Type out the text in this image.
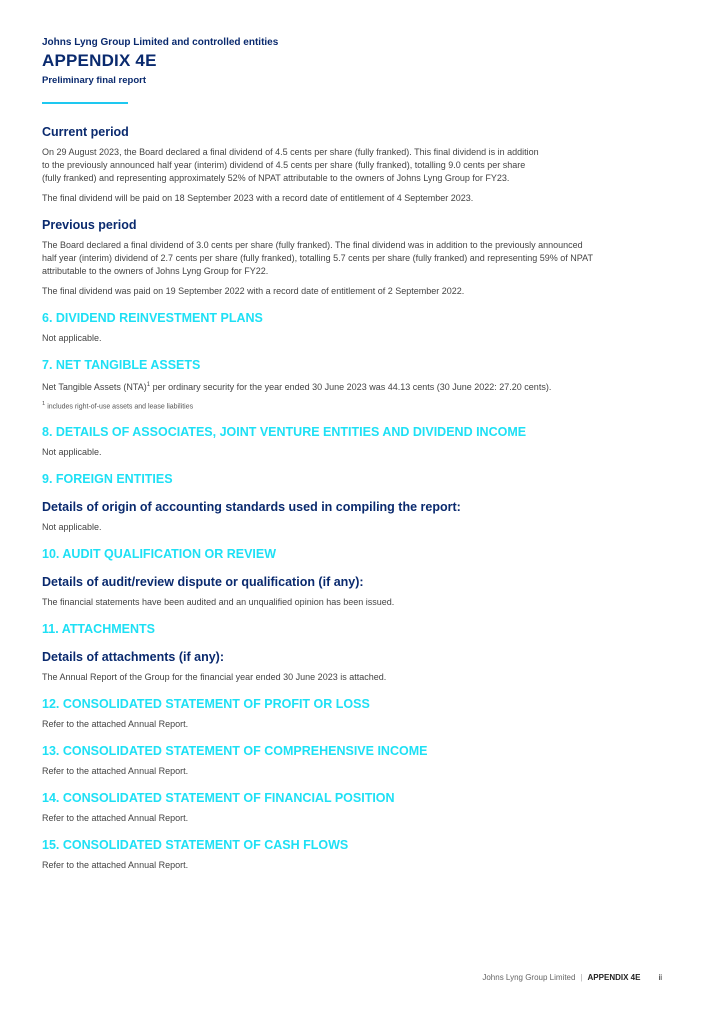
Johns Lyng Group Limited and controlled entities

APPENDIX 4E

Preliminary final report

Current period

On 29 August 2023, the Board declared a final dividend of 4.5 cents per share (fully franked). This final dividend is in addition
to the previously announced half year (interim) dividend of 4.5 cents per share (fully franked), totalling 9.0 cents per share
(fully franked) and representing approximately 52% of NPAT attributable to the owners of Johns Lyng Group for FY23.

The final dividend will be paid on 18 September 2023 with a record date of entitlement of 4 September 2023.

Previous period

The Board declared a final dividend of 3.0 cents per share (fully franked). The final dividend was in addition to the previously announced
half year (interim) dividend of 2.7 cents per share (fully franked), totalling 5.7 cents per share (fully franked) and representing 59% of NPAT
attributable to the owners of Johns Lyng Group for FY22.

The final dividend was paid on 19 September 2022 with a record date of entitlement of 2 September 2022.

6. DIVIDEND REINVESTMENT PLANS

Not applicable.

7. NET TANGIBLE ASSETS

Net Tangible Assets (NTA)$^1$ per ordinary security for the year ended 30 June 2023 was 44.13 cents (30 June 2022: 27.20 cents).

$^1$ includes right-of-use assets and lease liabilities

8. DETAILS OF ASSOCIATES, JOINT VENTURE ENTITIES AND DIVIDEND INCOME

Not applicable.

9. FOREIGN ENTITIES
Details of origin of accounting standards used in compiling the report:

Not applicable.

10. AUDIT QUALIFICATION OR REVIEW
Details of audit/review dispute or qualification (if any):

The financial statements have been audited and an unqualified opinion has been issued.

11. ATTACHMENTS
Details of attachments (if any):

The Annual Report of the Group for the financial year ended 30 June 2023 is attached.

12. CONSOLIDATED STATEMENT OF PROFIT OR LOSS

Refer to the attached Annual Report.

13. CONSOLIDATED STATEMENT OF COMPREHENSIVE INCOME

Refer to the attached Annual Report.

14. CONSOLIDATED STATEMENT OF FINANCIAL POSITION

Refer to the attached Annual Report.

15. CONSOLIDATED STATEMENT OF CASH FLOWS

Refer to the attached Annual Report.

Johns Lyng Group Limited | APPENDIX 4E ii
